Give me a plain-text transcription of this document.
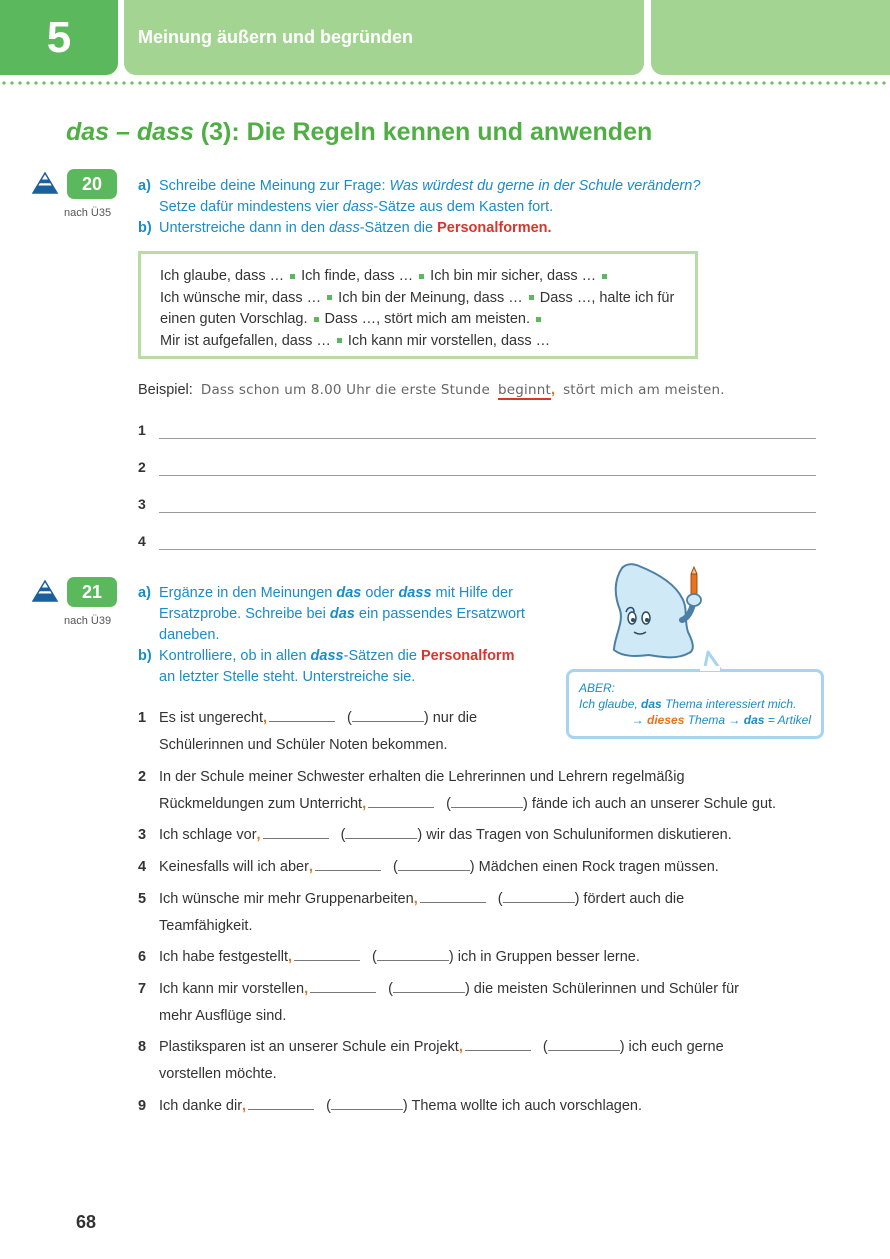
5	Meinung äußern und begründen
das – dass (3): Die Regeln kennen und anwenden
20
nach Ü35
a) Schreibe deine Meinung zur Frage: Was würdest du gerne in der Schule verändern?
Setze dafür mindestens vier dass-Sätze aus dem Kasten fort.
b) Unterstreiche dann in den dass-Sätzen die Personalformen.
Ich glaube, dass … Ich finde, dass … Ich bin mir sicher, dass …
Ich wünsche mir, dass … Ich bin der Meinung, dass … Dass …, halte ich für einen guten Vorschlag. Dass …, stört mich am meisten.
Mir ist aufgefallen, dass … Ich kann mir vorstellen, dass …
Beispiel: Dass schon um 8.00 Uhr die erste Stunde beginnt, stört mich am meisten.
1
2
3
4
21
nach Ü39
a) Ergänze in den Meinungen das oder dass mit Hilfe der
Ersatzprobe. Schreibe bei das ein passendes Ersatzwort
daneben.
b) Kontrolliere, ob in allen dass-Sätzen die Personalform
an letzter Stelle steht. Unterstreiche sie.
ABER:
Ich glaube, das Thema interessiert mich.
→ dieses Thema → das = Artikel
1 Es ist ungerecht,	(	) nur die
Schülerinnen und Schüler Noten bekommen.
2 In der Schule meiner Schwester erhalten die Lehrerinnen und Lehrern regelmäßig
Rückmeldungen zum Unterricht,	(	) fände ich auch an unserer Schule gut.
3 Ich schlage vor,	(	) wir das Tragen von Schuluniformen diskutieren.
4 Keinesfalls will ich aber,	(	) Mädchen einen Rock tragen müssen.
5 Ich wünsche mir mehr Gruppenarbeiten,	(	) fördert auch die
Teamfähigkeit.
6 Ich habe festgestellt,	(	) ich in Gruppen besser lerne.
7 Ich kann mir vorstellen,	(	) die meisten Schülerinnen und Schüler für
mehr Ausflüge sind.
8 Plastiksparen ist an unserer Schule ein Projekt,	(	) ich euch gerne
vorstellen möchte.
9 Ich danke dir,	(	) Thema wollte ich auch vorschlagen.
68
